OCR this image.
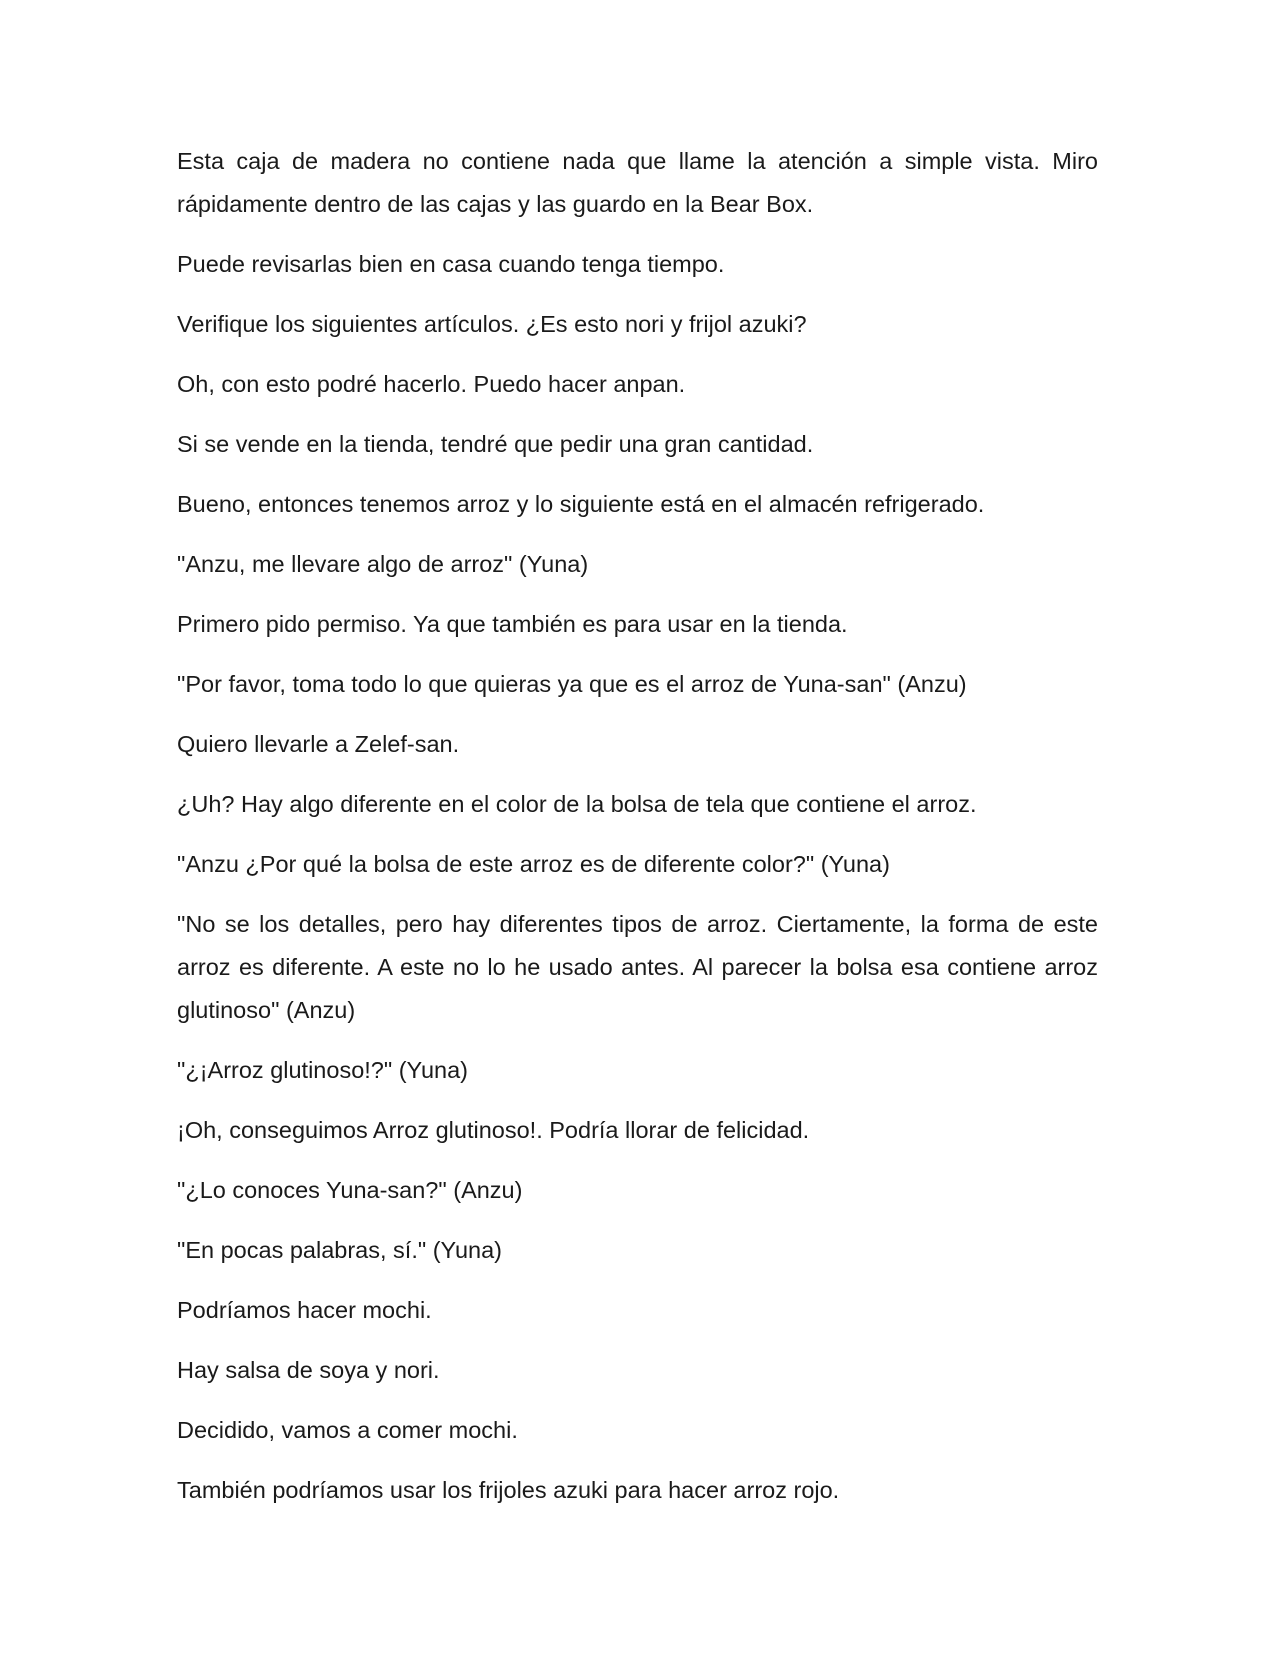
Esta caja de madera no contiene nada que llame la atención a simple vista. Miro rápidamente dentro de las cajas y las guardo en la Bear Box.

Puede revisarlas bien en casa cuando tenga tiempo.

Verifique los siguientes artículos. ¿Es esto nori y frijol azuki?

Oh, con esto podré hacerlo. Puedo hacer anpan.

Si se vende en la tienda, tendré que pedir una gran cantidad.

Bueno, entonces tenemos arroz y lo siguiente está en el almacén refrigerado.

"Anzu, me llevare algo de arroz" (Yuna)

Primero pido permiso. Ya que también es para usar en la tienda.

"Por favor, toma todo lo que quieras ya que es el arroz de Yuna-san" (Anzu)

Quiero llevarle a Zelef-san.

¿Uh? Hay algo diferente en el color de la bolsa de tela que contiene el arroz.

"Anzu ¿Por qué la bolsa de este arroz es de diferente color?" (Yuna)

"No se los detalles, pero hay diferentes tipos de arroz. Ciertamente, la forma de este arroz es diferente. A este no lo he usado antes. Al parecer la bolsa esa contiene arroz glutinoso" (Anzu)

"¿¡Arroz glutinoso!?" (Yuna)

¡Oh, conseguimos Arroz glutinoso!. Podría llorar de felicidad.

"¿Lo conoces Yuna-san?" (Anzu)

"En pocas palabras, sí." (Yuna)

Podríamos hacer mochi.

Hay salsa de soya y nori.

Decidido, vamos a comer mochi.

También podríamos usar los frijoles azuki para hacer arroz rojo.
